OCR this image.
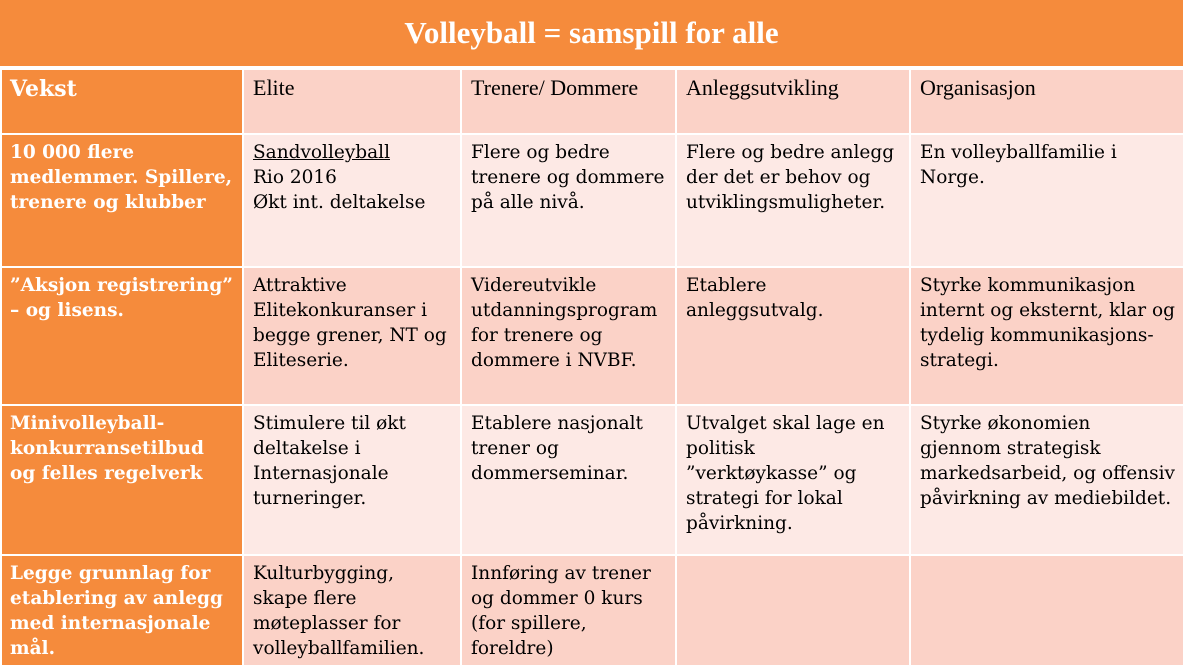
Volleyball = samspill for alle
Vekst	Elite	Trenere/ Dommere	Anleggsutvikling	Organisasjon
10 000 flere medlemmer. Spillere, trenere og klubber	Sandvolleyball
Rio 2016
Økt int. deltakelse	Flere og bedre trenere og dommere på alle nivå.	Flere og bedre anlegg der det er behov og utviklingsmuligheter.	En volleyballfamilie i Norge.
”Aksjon registrering” – og lisens.	Attraktive Elitekonkuranser i begge grener, NT og Eliteserie.	Videreutvikle utdanningsprogram for trenere og dommere i NVBF.	Etablere anleggsutvalg.	Styrke kommunikasjon internt og eksternt, klar og tydelig kommunikasjons-strategi.
Minivolleyball-konkurransetilbud og felles regelverk	Stimulere til økt deltakelse i Internasjonale turneringer.	Etablere nasjonalt trener og dommerseminar.	Utvalget skal lage en politisk ”verktøykasse” og strategi for lokal påvirkning.	Styrke økonomien gjennom strategisk markedsarbeid, og offensiv påvirkning av mediebildet.
Legge grunnlag for etablering av anlegg med internasjonale mål.	Kulturbygging, skape flere møteplasser for volleyballfamilien.	Innføring av trener og dommer 0 kurs (for spillere, foreldre)		
